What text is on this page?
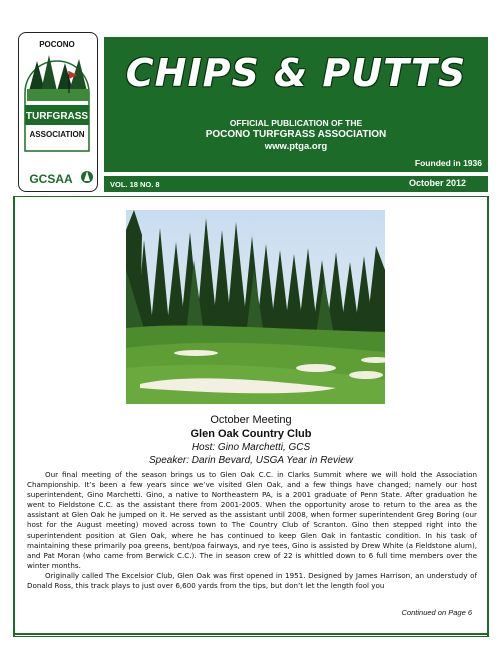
POCONO
TURFGRASS
ASSOCIATION
GCSAA
CHIPS & PUTTS
OFFICIAL PUBLICATION OF THE
POCONO TURFGRASS ASSOCIATION
www.ptga.org
Founded in 1936
VOL. 18 NO. 8	October 2012
October Meeting
Glen Oak Country Club
Host: Gino Marchetti, GCS
Speaker: Darin Bevard, USGA Year in Review

Our final meeting of the season brings us to Glen Oak C.C. in Clarks Summit where we will hold the Association Championship. It’s been a few years since we’ve visited Glen Oak, and a few things have changed; namely our host superintendent, Gino Marchetti. Gino, a native to Northeastern PA, is a 2001 graduate of Penn State. After graduation he went to Fieldstone C.C. as the assistant there from 2001-2005. When the opportunity arose to return to the area as the assistant at Glen Oak he jumped on it. He served as the assistant until 2008, when former superintendent Greg Boring (our host for the August meeting) moved across town to The Country Club of Scranton. Gino then stepped right into the superintendent position at Glen Oak, where he has continued to keep Glen Oak in fantastic condition. In his task of maintaining these primarily poa greens, bent/poa fairways, and rye tees, Gino is assisted by Drew White (a Fieldstone alum), and Pat Moran (who came from Berwick C.C.). The in season crew of 22 is whittled down to 6 full time members over the winter months.

Originally called The Excelsior Club, Glen Oak was first opened in 1951. Designed by James Harrison, an understudy of Donald Ross, this track plays to just over 6,600 yards from the tips, but don’t let the length fool you

Continued on Page 6
